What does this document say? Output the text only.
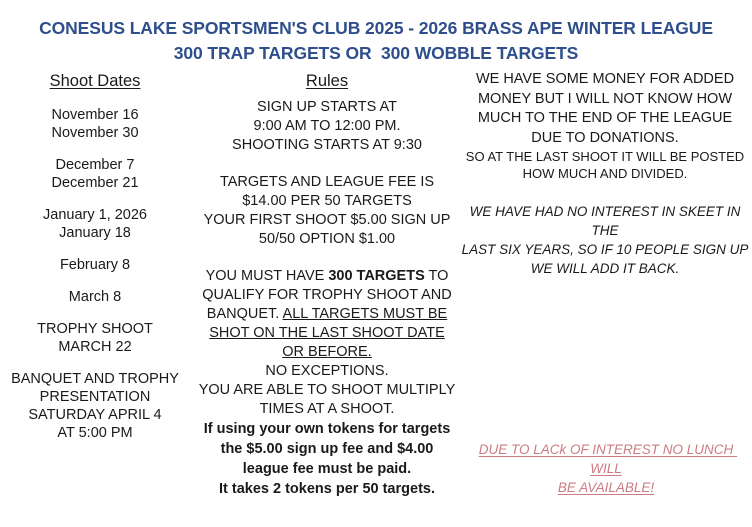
CONESUS LAKE SPORTSMEN'S CLUB 2025 - 2026 BRASS APE WINTER LEAGUE
300 TRAP TARGETS OR  300 WOBBLE TARGETS
Shoot Dates
November 16
November 30
December 7
December 21
January 1, 2026
January 18
February 8
March 8
TROPHY SHOOT
MARCH 22
BANQUET AND TROPHY
PRESENTATION
SATURDAY APRIL 4
AT 5:00 PM
Rules
SIGN UP STARTS AT
9:00 AM TO 12:00 PM.
SHOOTING STARTS AT 9:30
TARGETS AND LEAGUE FEE IS
$14.00 PER 50 TARGETS
YOUR FIRST SHOOT $5.00 SIGN UP
50/50 OPTION $1.00
YOU MUST HAVE 300 TARGETS TO
QUALIFY FOR TROPHY SHOOT AND
BANQUET. ALL TARGETS MUST BE
SHOT ON THE LAST SHOOT DATE
OR BEFORE.
NO EXCEPTIONS.
YOU ARE ABLE TO SHOOT MULTIPLY
TIMES AT A SHOOT.
If using your own tokens for targets
the $5.00 sign up fee and $4.00
league fee must be paid.
It takes 2 tokens per 50 targets.
WE HAVE SOME MONEY FOR ADDED
MONEY BUT I WILL NOT KNOW HOW
MUCH TO THE END OF THE LEAGUE
DUE TO DONATIONS.
SO AT THE LAST SHOOT IT WILL BE POSTED
HOW MUCH AND DIVIDED.
WE HAVE HAD NO INTEREST IN SKEET IN THE
LAST SIX YEARS, SO IF 10 PEOPLE SIGN UP
WE WILL ADD IT BACK.
DUE TO LACk OF INTEREST NO LUNCH WILL
BE AVAILABLE!
